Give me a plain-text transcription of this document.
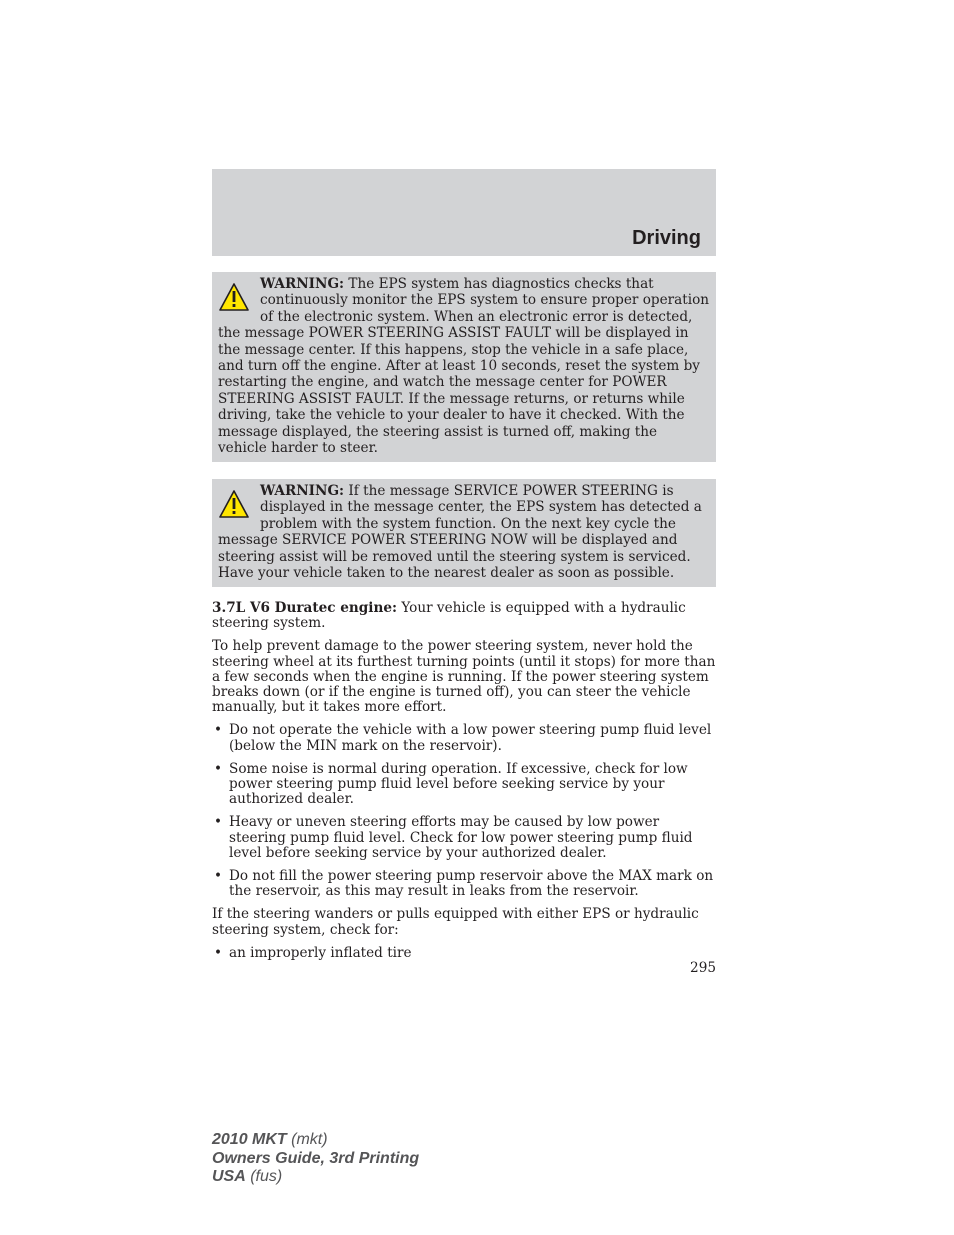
Driving
WARNING: The EPS system has diagnostics checks that continuously monitor the EPS system to ensure proper operation of the electronic system. When an electronic error is detected, the message POWER STEERING ASSIST FAULT will be displayed in the message center. If this happens, stop the vehicle in a safe place, and turn off the engine. After at least 10 seconds, reset the system by restarting the engine, and watch the message center for POWER STEERING ASSIST FAULT. If the message returns, or returns while driving, take the vehicle to your dealer to have it checked. With the message displayed, the steering assist is turned off, making the vehicle harder to steer.
WARNING: If the message SERVICE POWER STEERING is displayed in the message center, the EPS system has detected a problem with the system function. On the next key cycle the message SERVICE POWER STEERING NOW will be displayed and steering assist will be removed until the steering system is serviced. Have your vehicle taken to the nearest dealer as soon as possible.

3.7L V6 Duratec engine: Your vehicle is equipped with a hydraulic steering system.

To help prevent damage to the power steering system, never hold the steering wheel at its furthest turning points (until it stops) for more than a few seconds when the engine is running. If the power steering system breaks down (or if the engine is turned off), you can steer the vehicle manually, but it takes more effort.

• Do not operate the vehicle with a low power steering pump fluid level (below the MIN mark on the reservoir).
• Some noise is normal during operation. If excessive, check for low power steering pump fluid level before seeking service by your authorized dealer.
• Heavy or uneven steering efforts may be caused by low power steering pump fluid level. Check for low power steering pump fluid level before seeking service by your authorized dealer.
• Do not fill the power steering pump reservoir above the MAX mark on the reservoir, as this may result in leaks from the reservoir.

If the steering wanders or pulls equipped with either EPS or hydraulic steering system, check for:

• an improperly inflated tire
295
2010 MKT (mkt)
Owners Guide, 3rd Printing
USA (fus)
